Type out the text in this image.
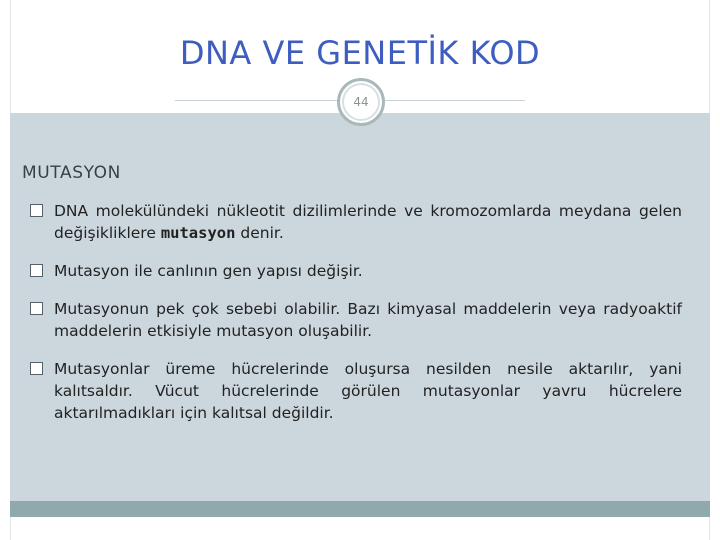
DNA VE GENETİK KOD
44
MUTASYON
DNA molekülündeki nükleotit dizilimlerinde ve kromozomlarda meydana gelen değişikliklere mutasyon denir.
Mutasyon ile canlının gen yapısı değişir.
Mutasyonun pek çok sebebi olabilir. Bazı kimyasal maddelerin veya radyoaktif maddelerin etkisiyle mutasyon oluşabilir.
Mutasyonlar üreme hücrelerinde oluşursa nesilden nesile aktarılır, yani kalıtsaldır. Vücut hücrelerinde görülen mutasyonlar yavru hücrelere aktarılmadıkları için kalıtsal değildir.
